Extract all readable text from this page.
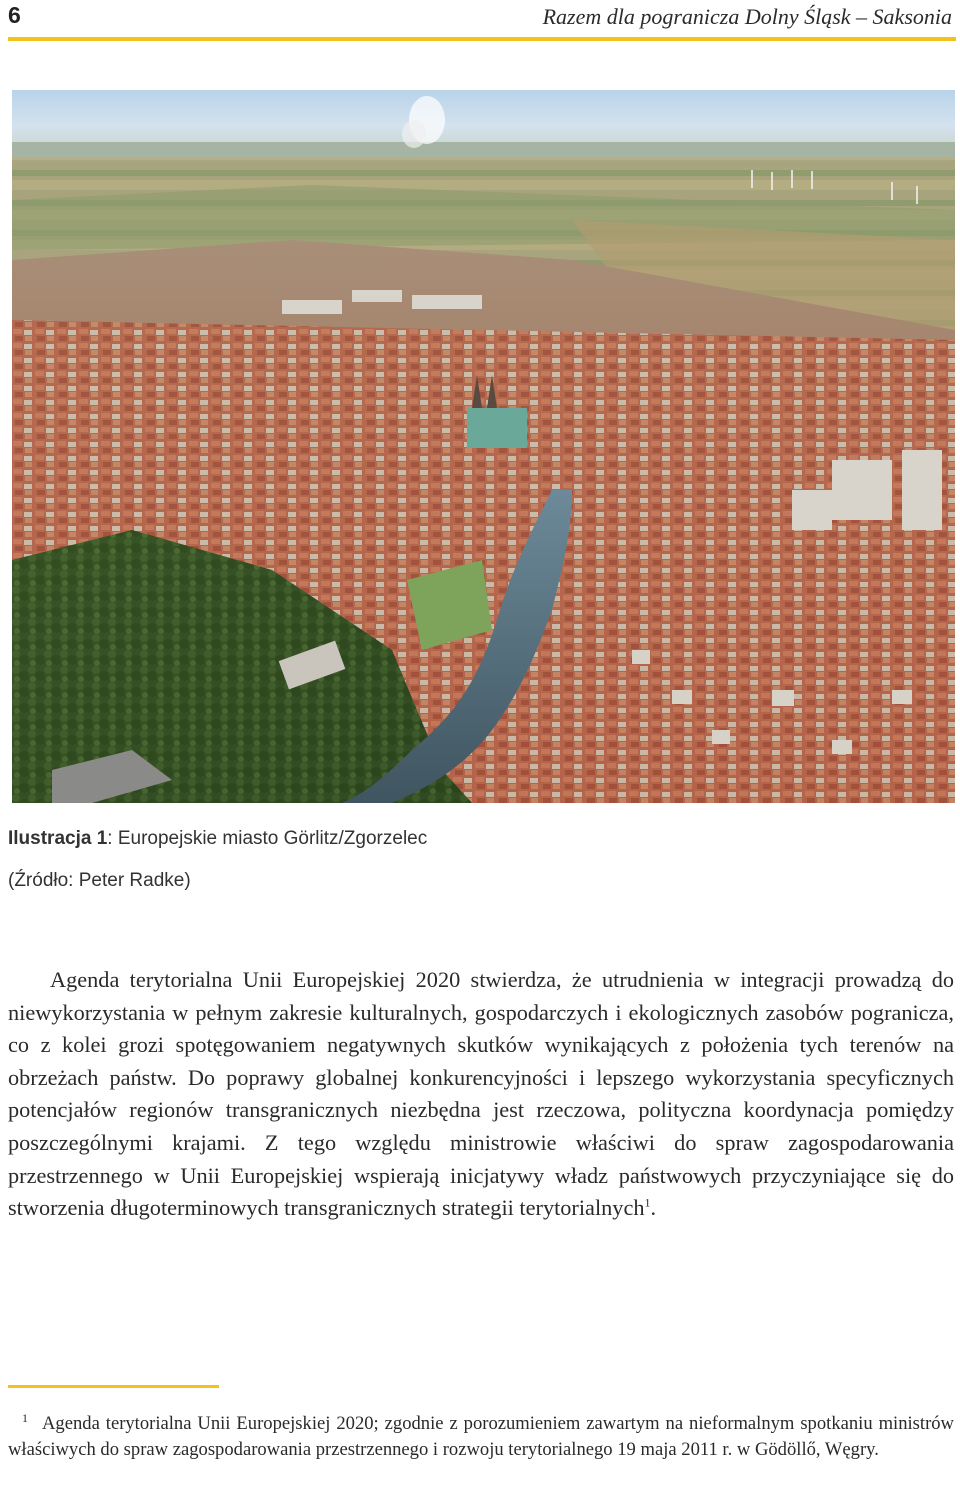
6	Razem dla pogranicza Dolny Śląsk – Saksonia
Ilustracja 1: Europejskie miasto Görlitz/Zgorzelec
(Źródło: Peter Radke)

Agenda terytorialna Unii Europejskiej 2020 stwierdza, że utrudnienia w integracji prowadzą do niewykorzystania w pełnym zakresie kulturalnych, gospodarczych i ekologicznych zasobów pogranicza, co z kolei grozi spotęgowaniem negatywnych skutków wynikających z położenia tych terenów na obrzeżach państw. Do poprawy globalnej konkurencyjności i lepszego wykorzystania specyficznych potencjałów regionów transgranicznych niezbędna jest rzeczowa, polityczna koordynacja pomiędzy poszczególnymi krajami. Z tego względu ministrowie właściwi do spraw zagospodarowania przestrzennego w Unii Europejskiej wspierają inicjatywy władz państwowych przyczyniające się do stworzenia długoterminowych transgranicznych strategii terytorialnych$^1$.

$^1$ Agenda terytorialna Unii Europejskiej 2020; zgodnie z porozumieniem zawartym na nieformalnym spotkaniu ministrów właściwych do spraw zagospodarowania przestrzennego i rozwoju terytorialnego 19 maja 2011 r. w Gödöllő, Węgry.
